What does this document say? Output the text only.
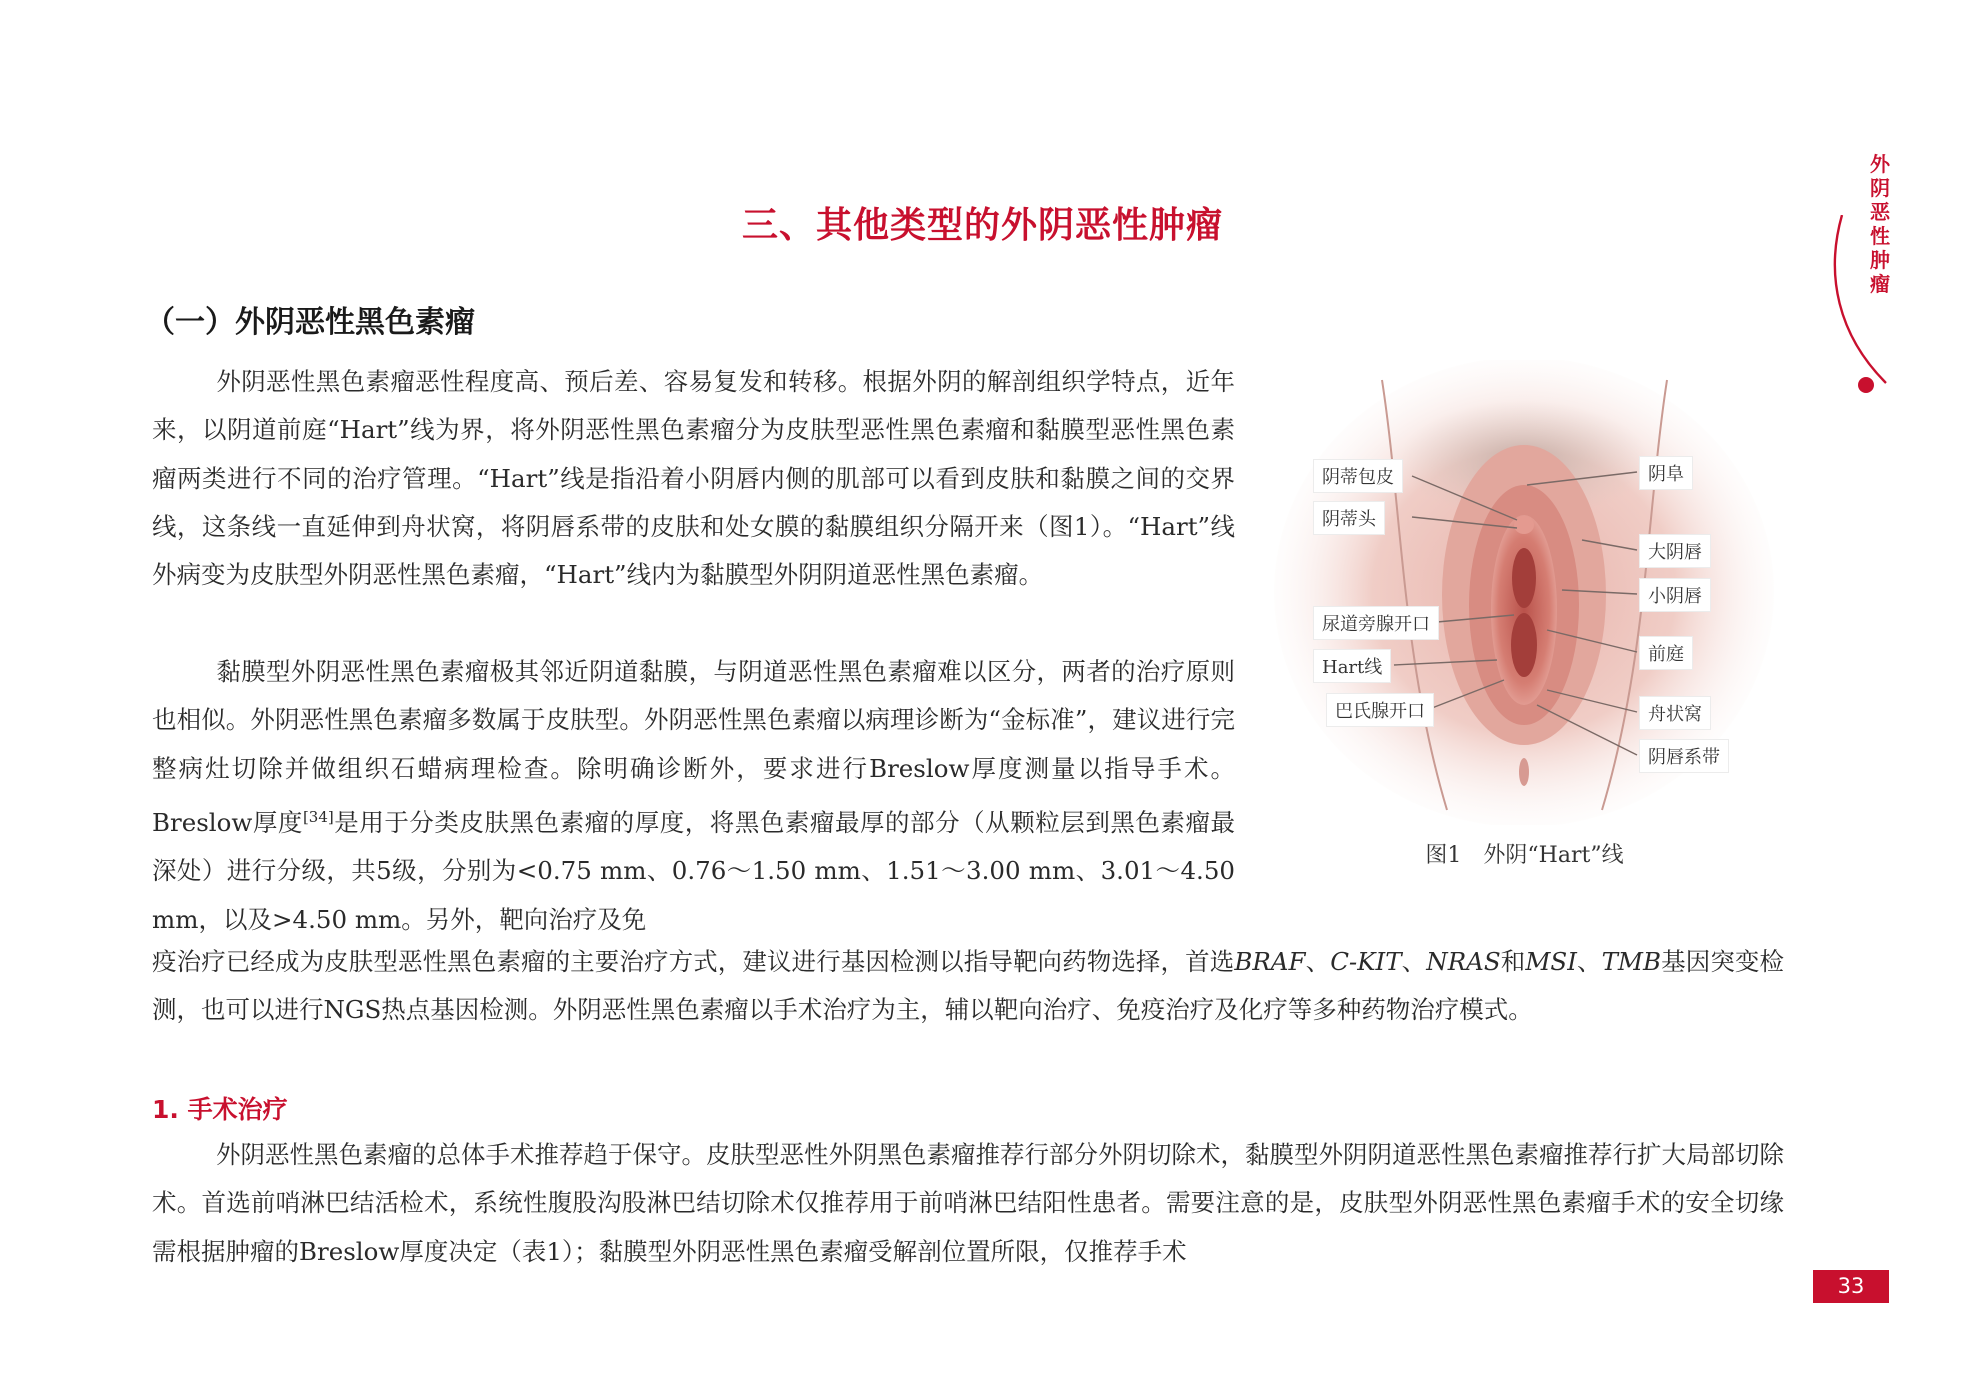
外阴恶性肿瘤
三、其他类型的外阴恶性肿瘤
（一）外阴恶性黑色素瘤

外阴恶性黑色素瘤恶性程度高、预后差、容易复发和转移。根据外阴的解剖组织学特点，近年来，以阴道前庭“Hart”线为界，将外阴恶性黑色素瘤分为皮肤型恶性黑色素瘤和黏膜型恶性黑色素瘤两类进行不同的治疗管理。“Hart”线是指沿着小阴唇内侧的肌部可以看到皮肤和黏膜之间的交界线，这条线一直延伸到舟状窝，将阴唇系带的皮肤和处女膜的黏膜组织分隔开来（图1）。“Hart”线外病变为皮肤型外阴恶性黑色素瘤，“Hart”线内为黏膜型外阴阴道恶性黑色素瘤。

黏膜型外阴恶性黑色素瘤极其邻近阴道黏膜，与阴道恶性黑色素瘤难以区分，两者的治疗原则也相似。外阴恶性黑色素瘤多数属于皮肤型。外阴恶性黑色素瘤以病理诊断为“金标准”，建议进行完整病灶切除并做组织石蜡病理检查。除明确诊断外，要求进行Breslow厚度测量以指导手术。Breslow厚度[34]是用于分类皮肤黑色素瘤的厚度，将黑色素瘤最厚的部分（从颗粒层到黑色素瘤最深处）进行分级，共5级，分别为<0.75 mm、0.76～1.50 mm、1.51～3.00 mm、3.01～4.50 mm，以及>4.50 mm。另外，靶向治疗及免

疫治疗已经成为皮肤型恶性黑色素瘤的主要治疗方式，建议进行基因检测以指导靶向药物选择，首选BRAF、C-KIT、NRAS和MSI、TMB基因突变检测，也可以进行NGS热点基因检测。外阴恶性黑色素瘤以手术治疗为主，辅以靶向治疗、免疫治疗及化疗等多种药物治疗模式。

1. 手术治疗

外阴恶性黑色素瘤的总体手术推荐趋于保守。皮肤型恶性外阴黑色素瘤推荐行部分外阴切除术，黏膜型外阴阴道恶性黑色素瘤推荐行扩大局部切除术。首选前哨淋巴结活检术，系统性腹股沟股淋巴结切除术仅推荐用于前哨淋巴结阳性患者。需要注意的是，皮肤型外阴恶性黑色素瘤手术的安全切缘需根据肿瘤的Breslow厚度决定（表1）；黏膜型外阴恶性黑色素瘤受解剖位置所限，仅推荐手术

阴蒂包皮
阴蒂头
尿道旁腺开口
Hart线
巴氏腺开口
阴阜
大阴唇
小阴唇
前庭
舟状窝
阴唇系带
图1　外阴“Hart”线
33
